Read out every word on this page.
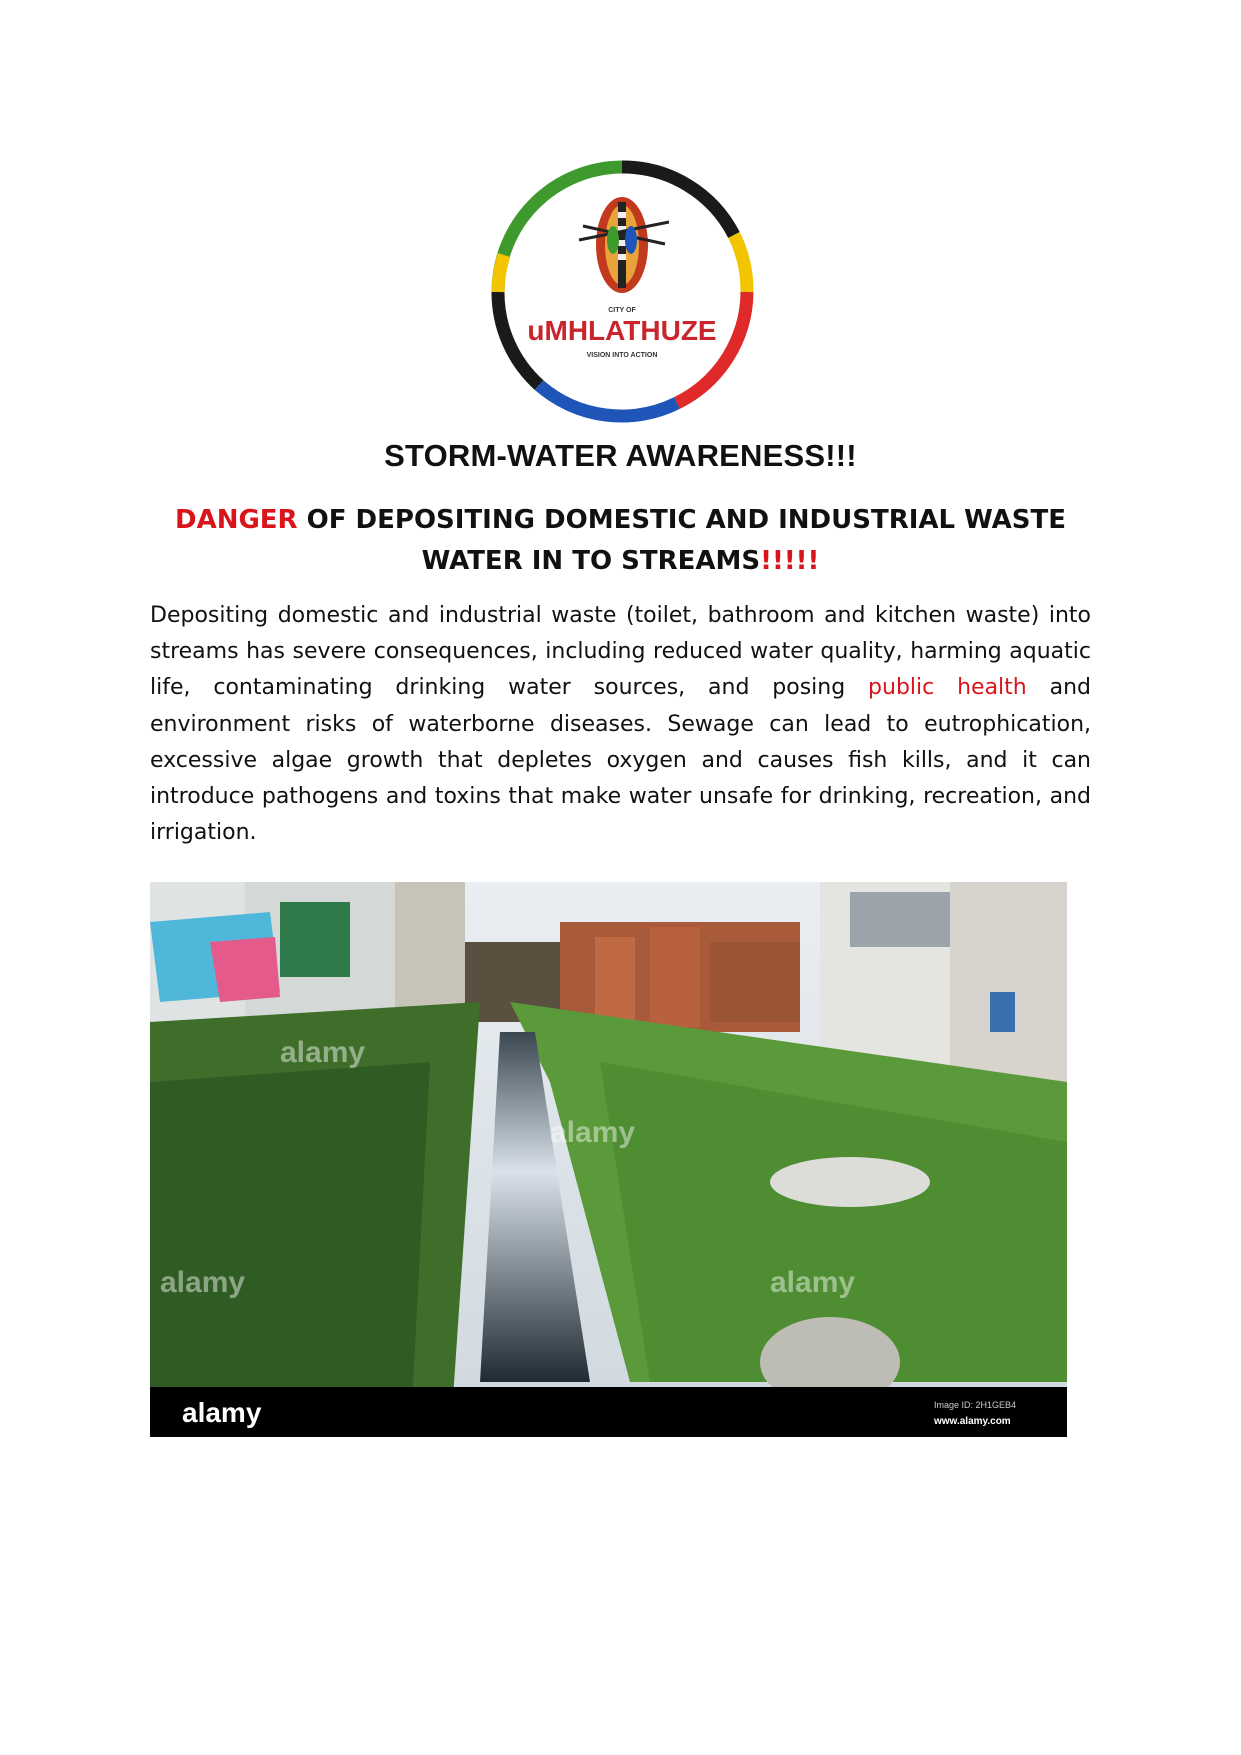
CITY OF
uMHLATHUZE
VISION INTO ACTION
STORM-WATER AWARENESS!!!
DANGER OF DEPOSITING DOMESTIC AND INDUSTRIAL WASTE
WATER IN TO STREAMS!!!!!
Depositing domestic and industrial waste (toilet, bathroom and kitchen waste) into streams has severe consequences, including reduced water quality, harming aquatic life, contaminating drinking water sources, and posing public health and environment risks of waterborne diseases. Sewage can lead to eutrophication, excessive algae growth that depletes oxygen and causes fish kills, and it can introduce pathogens and toxins that make water unsafe for drinking, recreation, and irrigation.
alamy
alamy
alamy	alamy
alamy	Image ID: 2H1GEB4
www.alamy.com
